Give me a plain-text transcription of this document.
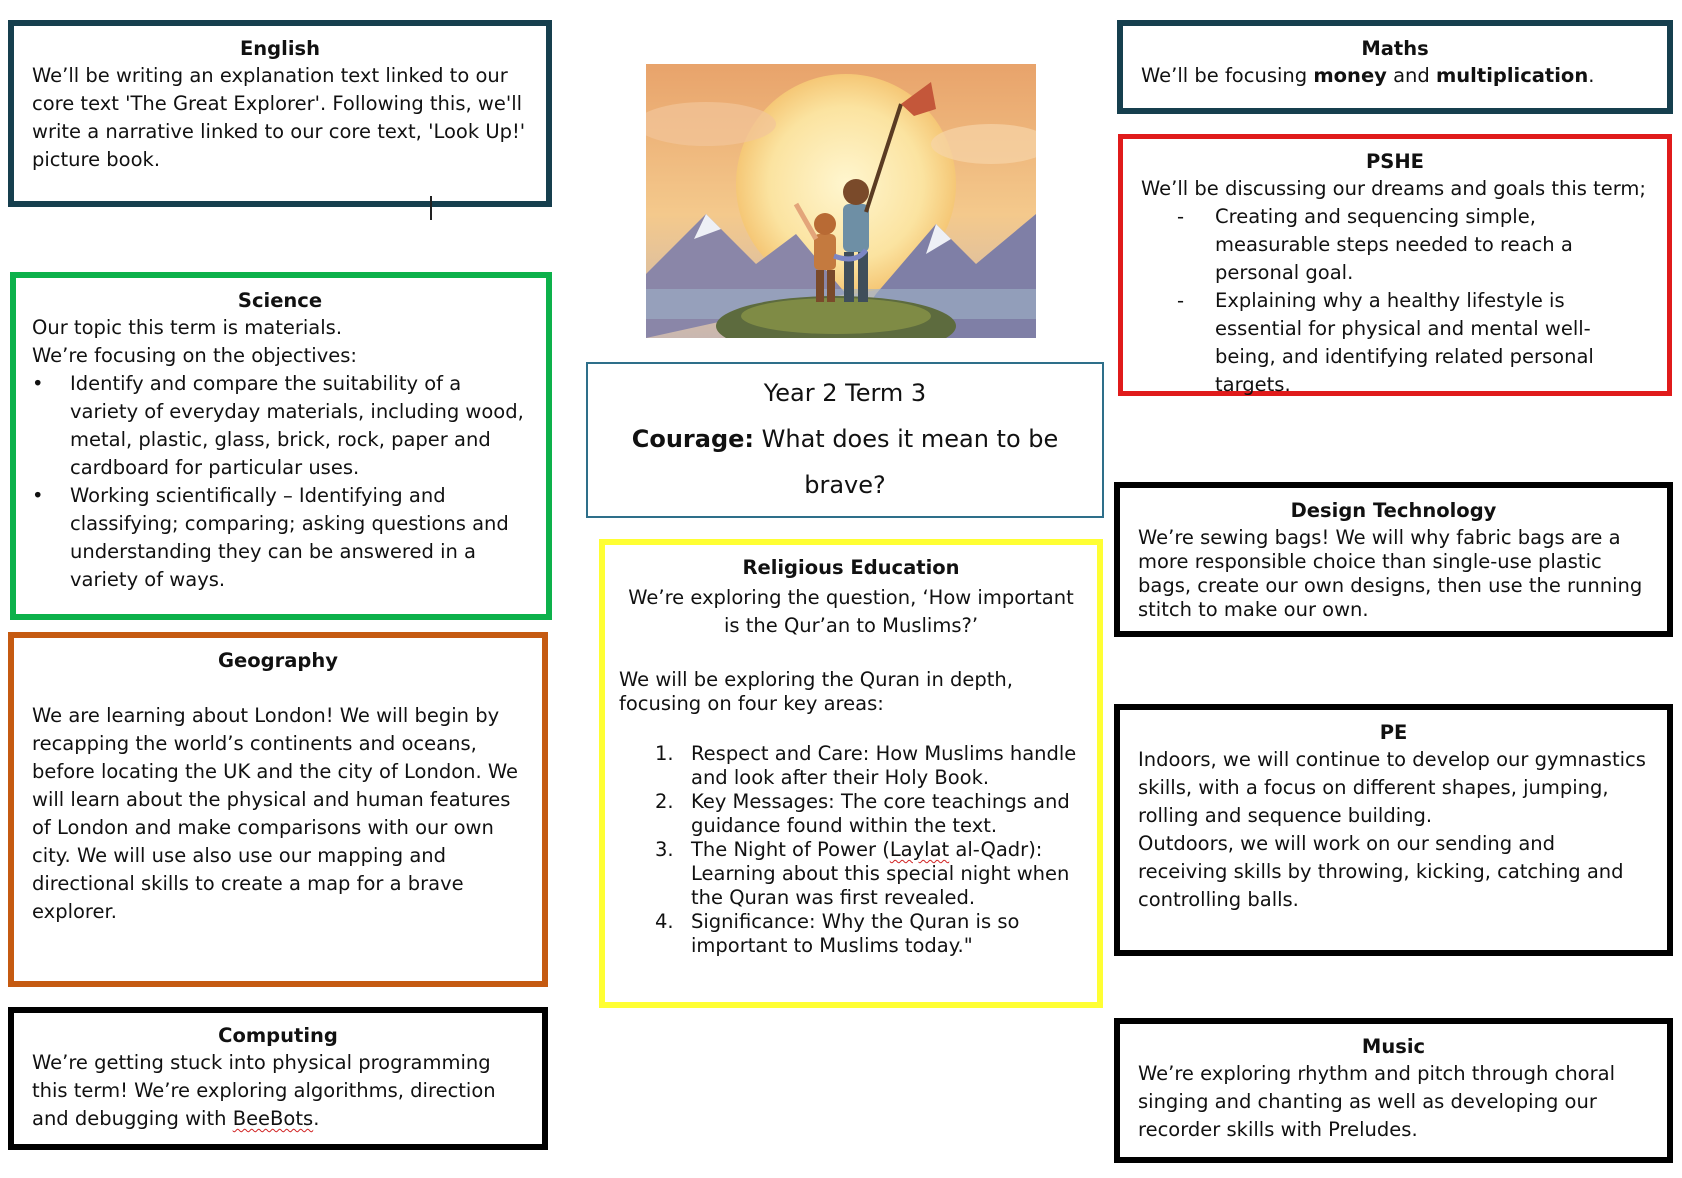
English

We’ll be writing an explanation text linked to our core text 'The Great Explorer'. Following this, we'll write a narrative linked to our core text, 'Look Up!' picture book.

Science

Our topic this term is materials.

We’re focusing on the objectives:

•	Identify and compare the suitability of a variety of everyday materials, including wood, metal, plastic, glass, brick, rock, paper and cardboard for particular uses.
•	Working scientifically – Identifying and classifying; comparing; asking questions and understanding they can be answered in a variety of ways.
Geography

We are learning about London! We will begin by recapping the world’s continents and oceans, before locating the UK and the city of London. We will learn about the physical and human features of London and make comparisons with our own city. We will use also use our mapping and directional skills to create a map for a brave explorer.

Computing

We’re getting stuck into physical programming this term! We’re exploring algorithms, direction and debugging with BeeBots.

Year 2 Term 3

Courage: What does it mean to be brave?

Religious Education

We’re exploring the question, ‘How important is the Qur’an to Muslims?’

We will be exploring the Quran in depth, focusing on four key areas:

1. Respect and Care: How Muslims handle and look after their Holy Book.
2. Key Messages: The core teachings and guidance found within the text.
3. The Night of Power (Laylat al-Qadr): Learning about this special night when the Quran was first revealed.
4. Significance: Why the Quran is so important to Muslims today."
Maths

We’ll be focusing money and multiplication.

PSHE

We’ll be discussing our dreams and goals this term;

-	Creating and sequencing simple, measurable steps needed to reach a personal goal.
-	Explaining why a healthy lifestyle is essential for physical and mental well-being, and identifying related personal targets.
Design Technology

We’re sewing bags! We will why fabric bags are a more responsible choice than single-use plastic bags, create our own designs, then use the running stitch to make our own.

PE

Indoors, we will continue to develop our gymnastics skills, with a focus on different shapes, jumping, rolling and sequence building.

Outdoors, we will work on our sending and receiving skills by throwing, kicking, catching and controlling balls.

Music

We’re exploring rhythm and pitch through choral singing and chanting as well as developing our recorder skills with Preludes.
